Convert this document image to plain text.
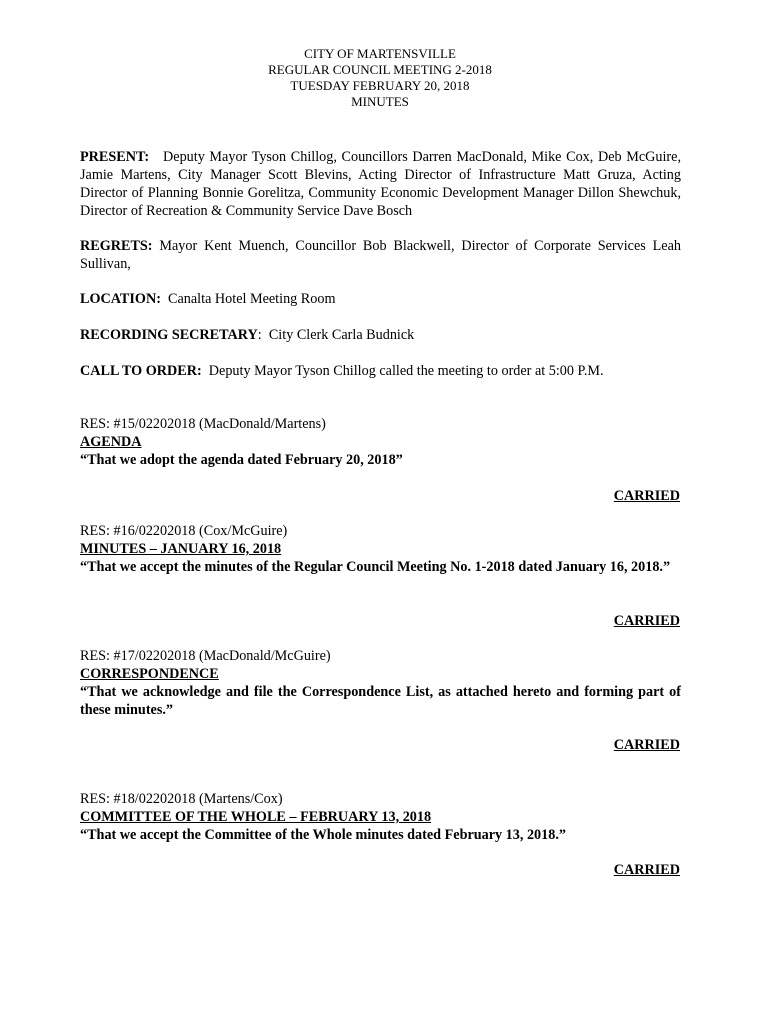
CITY OF MARTENSVILLE
REGULAR COUNCIL MEETING 2-2018
TUESDAY FEBRUARY 20, 2018
MINUTES
PRESENT: Deputy Mayor Tyson Chillog, Councillors Darren MacDonald, Mike Cox, Deb McGuire, Jamie Martens, City Manager Scott Blevins, Acting Director of Infrastructure Matt Gruza, Acting Director of Planning Bonnie Gorelitza, Community Economic Development Manager Dillon Shewchuk, Director of Recreation & Community Service Dave Bosch
REGRETS: Mayor Kent Muench, Councillor Bob Blackwell, Director of Corporate Services Leah Sullivan,
LOCATION: Canalta Hotel Meeting Room
RECORDING SECRETARY: City Clerk Carla Budnick
CALL TO ORDER: Deputy Mayor Tyson Chillog called the meeting to order at 5:00 P.M.
RES: #15/02202018 (MacDonald/Martens)
AGENDA
“That we adopt the agenda dated February 20, 2018”
CARRIED
RES: #16/02202018 (Cox/McGuire)
MINUTES – JANUARY 16, 2018
“That we accept the minutes of the Regular Council Meeting No. 1-2018 dated January 16, 2018.”
CARRIED
RES: #17/02202018 (MacDonald/McGuire)
CORRESPONDENCE
“That we acknowledge and file the Correspondence List, as attached hereto and forming part of these minutes.”
CARRIED
RES: #18/02202018 (Martens/Cox)
COMMITTEE OF THE WHOLE – FEBRUARY 13, 2018
“That we accept the Committee of the Whole minutes dated February 13, 2018.”
CARRIED
